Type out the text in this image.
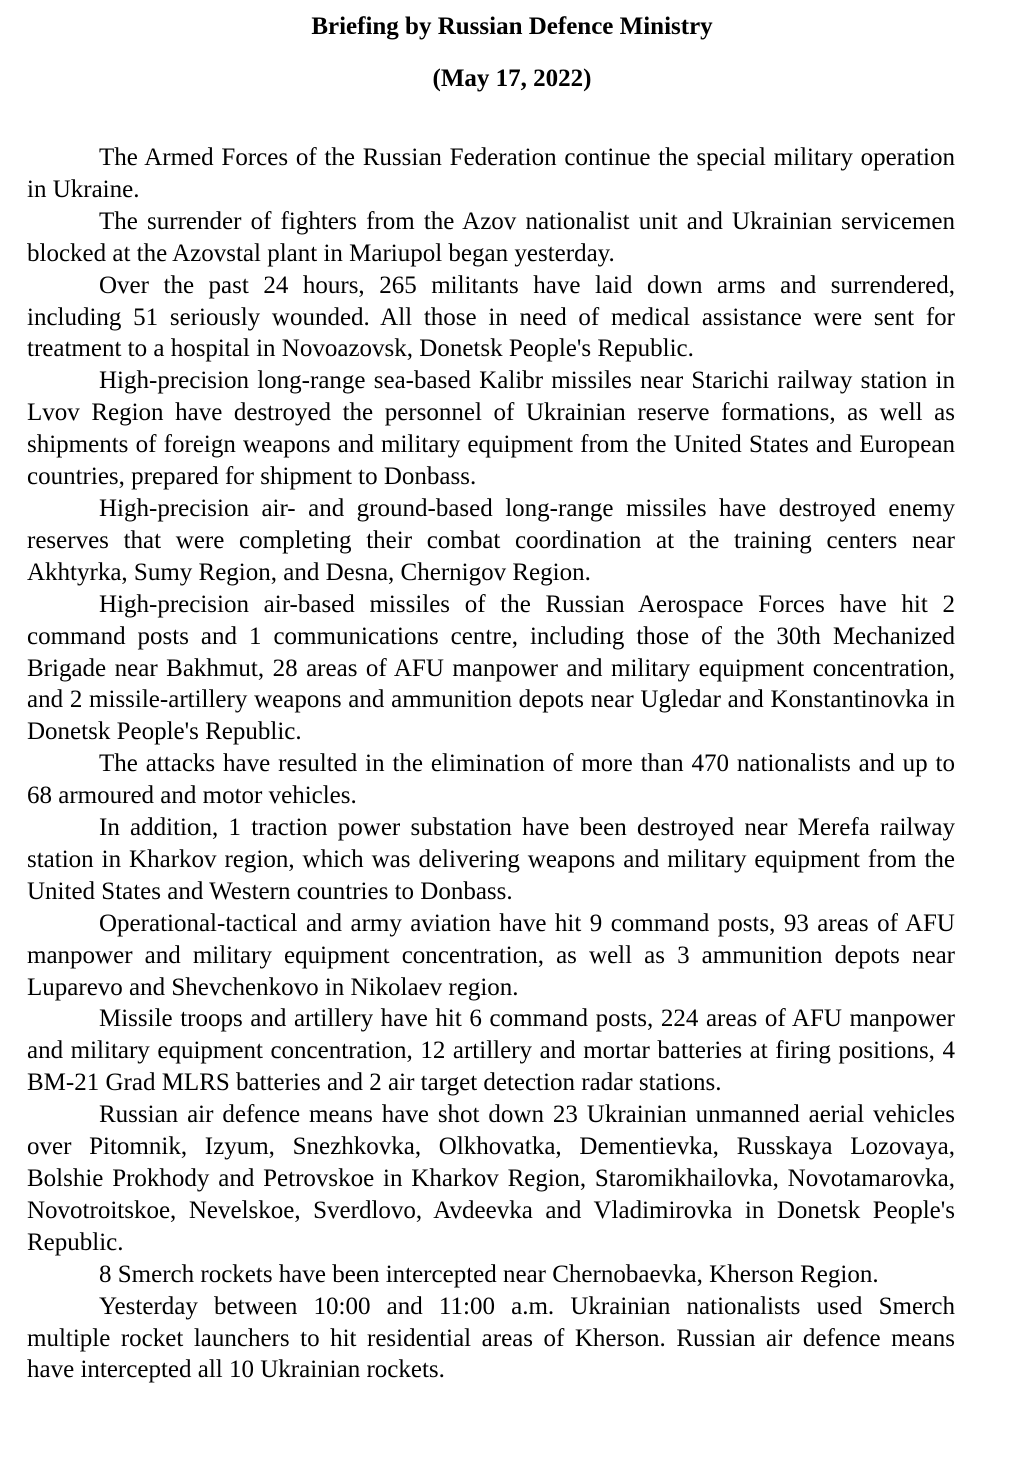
Briefing by Russian Defence Ministry
(May 17, 2022)

The Armed Forces of the Russian Federation continue the special military operation in Ukraine.

The surrender of fighters from the Azov nationalist unit and Ukrainian servicemen blocked at the Azovstal plant in Mariupol began yesterday.

Over the past 24 hours, 265 militants have laid down arms and surrendered, including 51 seriously wounded. All those in need of medical assistance were sent for treatment to a hospital in Novoazovsk, Donetsk People's Republic.

High-precision long-range sea-based Kalibr missiles near Starichi railway station in Lvov Region have destroyed the personnel of Ukrainian reserve formations, as well as shipments of foreign weapons and military equipment from the United States and European countries, prepared for shipment to Donbass.

High-precision air- and ground-based long-range missiles have destroyed enemy reserves that were completing their combat coordination at the training centers near Akhtyrka, Sumy Region, and Desna, Chernigov Region.

High-precision air-based missiles of the Russian Aerospace Forces have hit 2 command posts and 1 communications centre, including those of the 30th Mechanized Brigade near Bakhmut, 28 areas of AFU manpower and military equipment concentration, and 2 missile-artillery weapons and ammunition depots near Ugledar and Konstantinovka in Donetsk People's Republic.

The attacks have resulted in the elimination of more than 470 nationalists and up to 68 armoured and motor vehicles.

In addition, 1 traction power substation have been destroyed near Merefa railway station in Kharkov region, which was delivering weapons and military equipment from the United States and Western countries to Donbass.

Operational-tactical and army aviation have hit 9 command posts, 93 areas of AFU manpower and military equipment concentration, as well as 3 ammunition depots near Luparevo and Shevchenkovo in Nikolaev region.

Missile troops and artillery have hit 6 command posts, 224 areas of AFU manpower and military equipment concentration, 12 artillery and mortar batteries at firing positions, 4 BM-21 Grad MLRS batteries and 2 air target detection radar stations.

Russian air defence means have shot down 23 Ukrainian unmanned aerial vehicles over Pitomnik, Izyum, Snezhkovka, Olkhovatka, Dementievka, Russkaya Lozovaya, Bolshie Prokhody and Petrovskoe in Kharkov Region, Staromikhailovka, Novotamarovka, Novotroitskoe, Nevelskoe, Sverdlovo, Avdeevka and Vladimirovka in Donetsk People's Republic.

8 Smerch rockets have been intercepted near Chernobaevka, Kherson Region.

Yesterday between 10:00 and 11:00 a.m. Ukrainian nationalists used Smerch multiple rocket launchers to hit residential areas of Kherson. Russian air defence means have intercepted all 10 Ukrainian rockets.
